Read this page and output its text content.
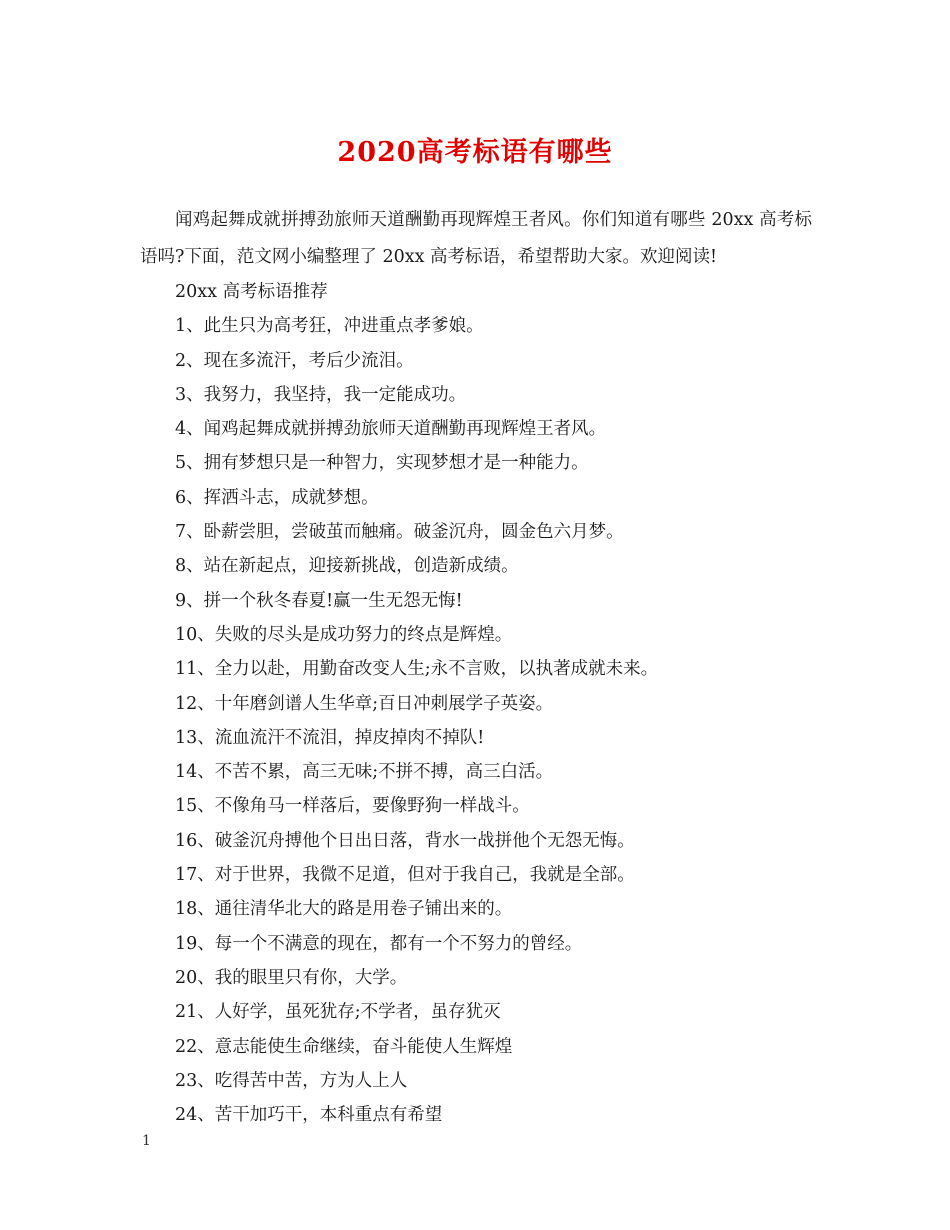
2020高考标语有哪些

闻鸡起舞成就拼搏劲旅师天道酬勤再现辉煌王者风。你们知道有哪些 20xx 高考标语吗?下面，范文网小编整理了 20xx 高考标语，希望帮助大家。欢迎阅读!

20xx 高考标语推荐
1、此生只为高考狂，冲进重点孝爹娘。
2、现在多流汗，考后少流泪。
3、我努力，我坚持，我一定能成功。
4、闻鸡起舞成就拼搏劲旅师天道酬勤再现辉煌王者风。
5、拥有梦想只是一种智力，实现梦想才是一种能力。
6、挥洒斗志，成就梦想。
7、卧薪尝胆，尝破茧而触痛。破釜沉舟，圆金色六月梦。
8、站在新起点，迎接新挑战，创造新成绩。
9、拼一个秋冬春夏!赢一生无怨无悔!
10、失败的尽头是成功努力的终点是辉煌。
11、全力以赴，用勤奋改变人生;永不言败，以执著成就未来。
12、十年磨剑谱人生华章;百日冲刺展学子英姿。
13、流血流汗不流泪，掉皮掉肉不掉队!
14、不苦不累，高三无味;不拼不搏，高三白活。
15、不像角马一样落后，要像野狗一样战斗。
16、破釜沉舟搏他个日出日落，背水一战拼他个无怨无悔。
17、对于世界，我微不足道，但对于我自己，我就是全部。
18、通往清华北大的路是用卷子铺出来的。
19、每一个不满意的现在，都有一个不努力的曾经。
20、我的眼里只有你，大学。
21、人好学，虽死犹存;不学者，虽存犹灭
22、意志能使生命继续，奋斗能使人生辉煌
23、吃得苦中苦，方为人上人
24、苦干加巧干，本科重点有希望
1
